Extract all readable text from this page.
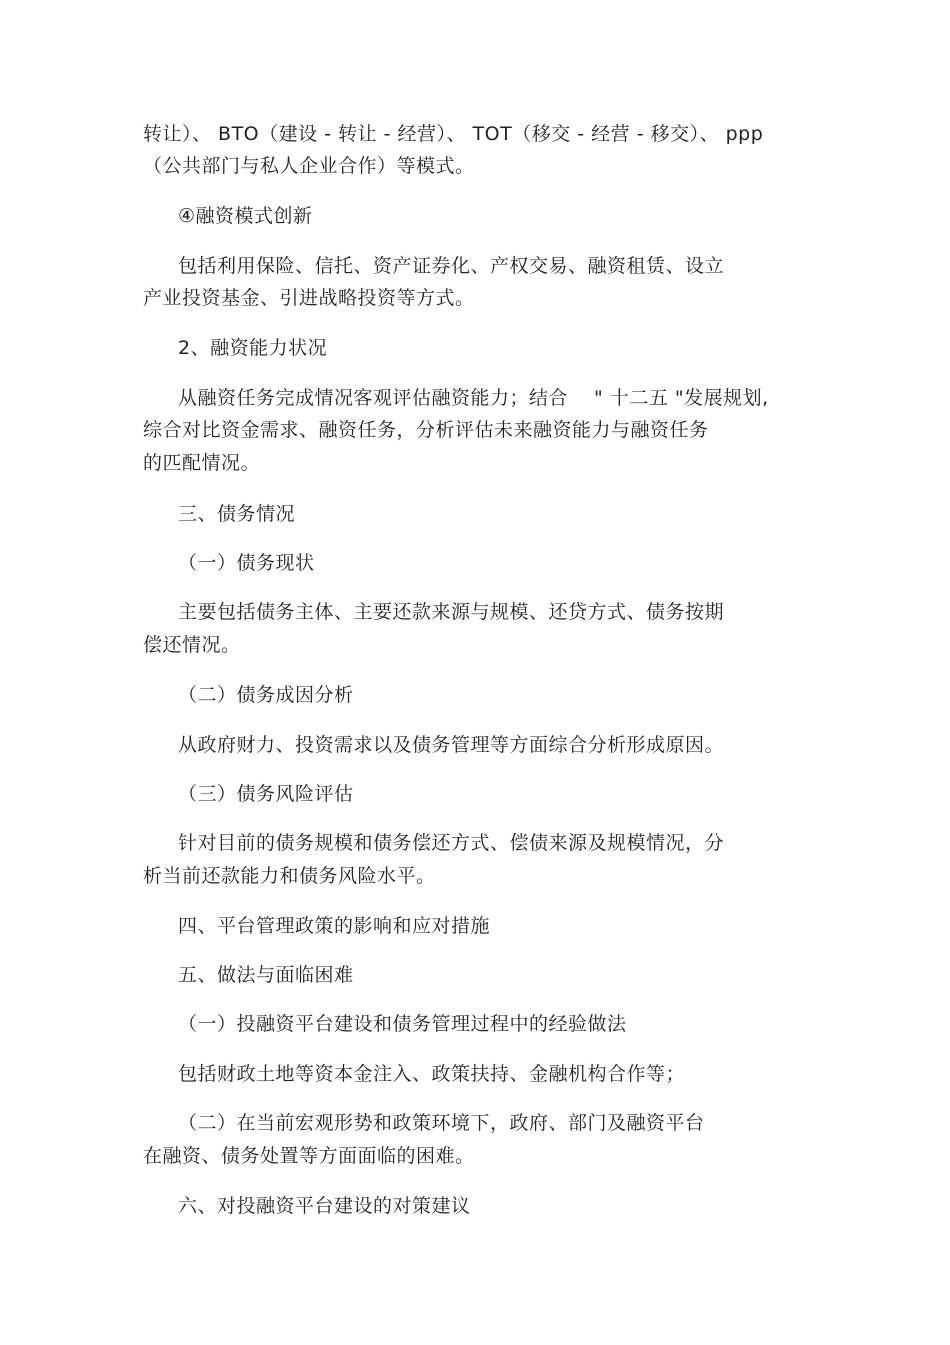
转让）、 BTO（建设 - 转让 - 经营）、 TOT（移交 - 经营 - 移交）、 ppp
（公共部门与私人企业合作）等模式。
④融资模式创新
包括利用保险、信托、资产证券化、产权交易、融资租赁、设立
产业投资基金、引进战略投资等方式。
2、融资能力状况
从融资任务完成情况客观评估融资能力；结合　 " 十二五 "发展规划,
综合对比资金需求、融资任务，分析评估未来融资能力与融资任务
的匹配情况。
三、债务情况
（一）债务现状
主要包括债务主体、主要还款来源与规模、还贷方式、债务按期
偿还情况。
（二）债务成因分析
从政府财力、投资需求以及债务管理等方面综合分析形成原因。
（三）债务风险评估
针对目前的债务规模和债务偿还方式、偿债来源及规模情况，分
析当前还款能力和债务风险水平。
四、平台管理政策的影响和应对措施
五、做法与面临困难
（一）投融资平台建设和债务管理过程中的经验做法
包括财政土地等资本金注入、政策扶持、金融机构合作等；
（二）在当前宏观形势和政策环境下，政府、部门及融资平台
在融资、债务处置等方面面临的困难。
六、对投融资平台建设的对策建议
